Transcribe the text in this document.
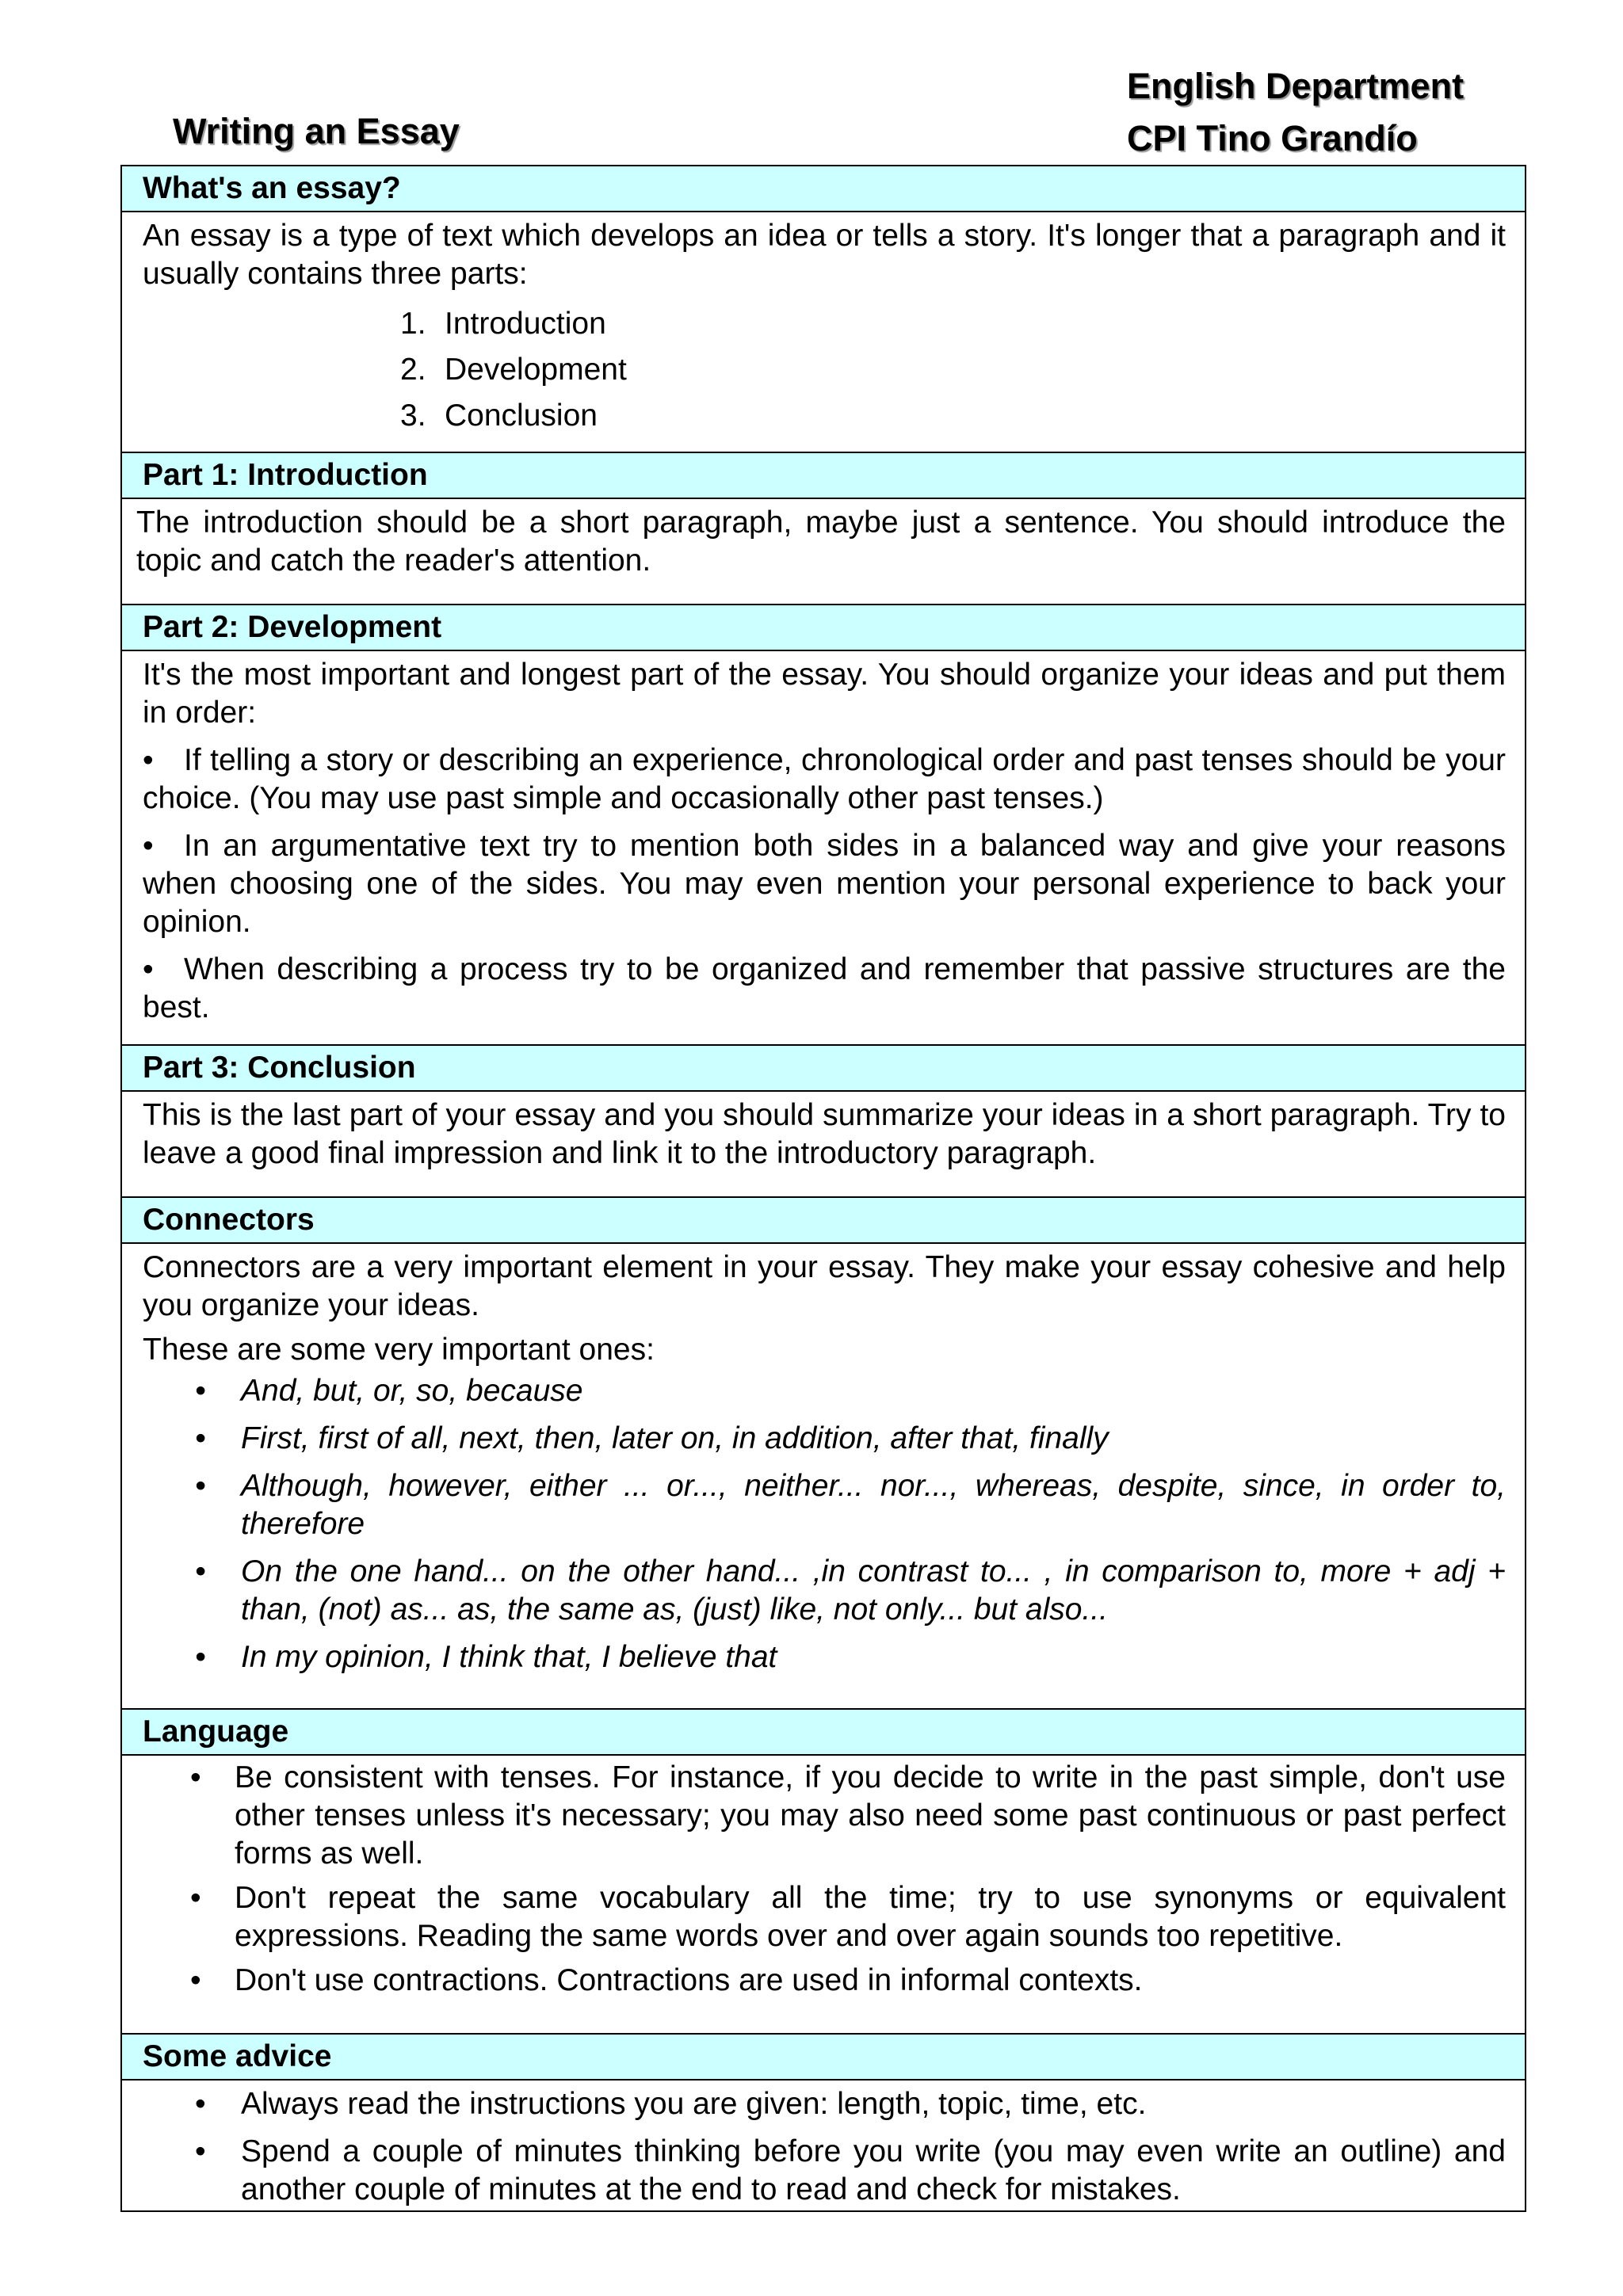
Writing an Essay
English Department
CPI Tino Grandío
What's an essay?

An essay is a type of text which develops an idea or tells a story. It's longer that a paragraph and it usually contains three parts:

1. Introduction
2. Development
3. Conclusion
Part 1: Introduction

The introduction should be a short paragraph, maybe just a sentence. You should introduce the topic and catch the reader's attention.

Part 2: Development

It's the most important and longest part of the essay. You should organize your ideas and put them in order:

• If telling a story or describing an experience, chronological order and past tenses should be your choice. (You may use past simple and occasionally other past tenses.)

• In an argumentative text try to mention both sides in a balanced way and give your reasons when choosing one of the sides. You may even mention your personal experience to back your opinion.

• When describing a process try to be organized and remember that passive structures are the best.

Part 3: Conclusion

This is the last part of your essay and you should summarize your ideas in a short paragraph. Try to leave a good final impression and link it to the introductory paragraph.

Connectors

Connectors are a very important element in your essay. They make your essay cohesive and help you organize your ideas.

These are some very important ones:

• And, but, or, so, because
• First, first of all, next, then, later on, in addition, after that, finally
• Although, however, either ... or..., neither... nor..., whereas, despite, since, in order to, therefore
• On the one hand... on the other hand... ,in contrast to... , in comparison to, more + adj + than, (not) as... as, the same as, (just) like, not only... but also...
• In my opinion, I think that, I believe that
Language
• Be consistent with tenses. For instance, if you decide to write in the past simple, don't use other tenses unless it's necessary; you may also need some past continuous or past perfect forms as well.
• Don't repeat the same vocabulary all the time; try to use synonyms or equivalent expressions. Reading the same words over and over again sounds too repetitive.
• Don't use contractions. Contractions are used in informal contexts.
Some advice
• Always read the instructions you are given: length, topic, time, etc.
• Spend a couple of minutes thinking before you write (you may even write an outline) and another couple of minutes at the end to read and check for mistakes.
